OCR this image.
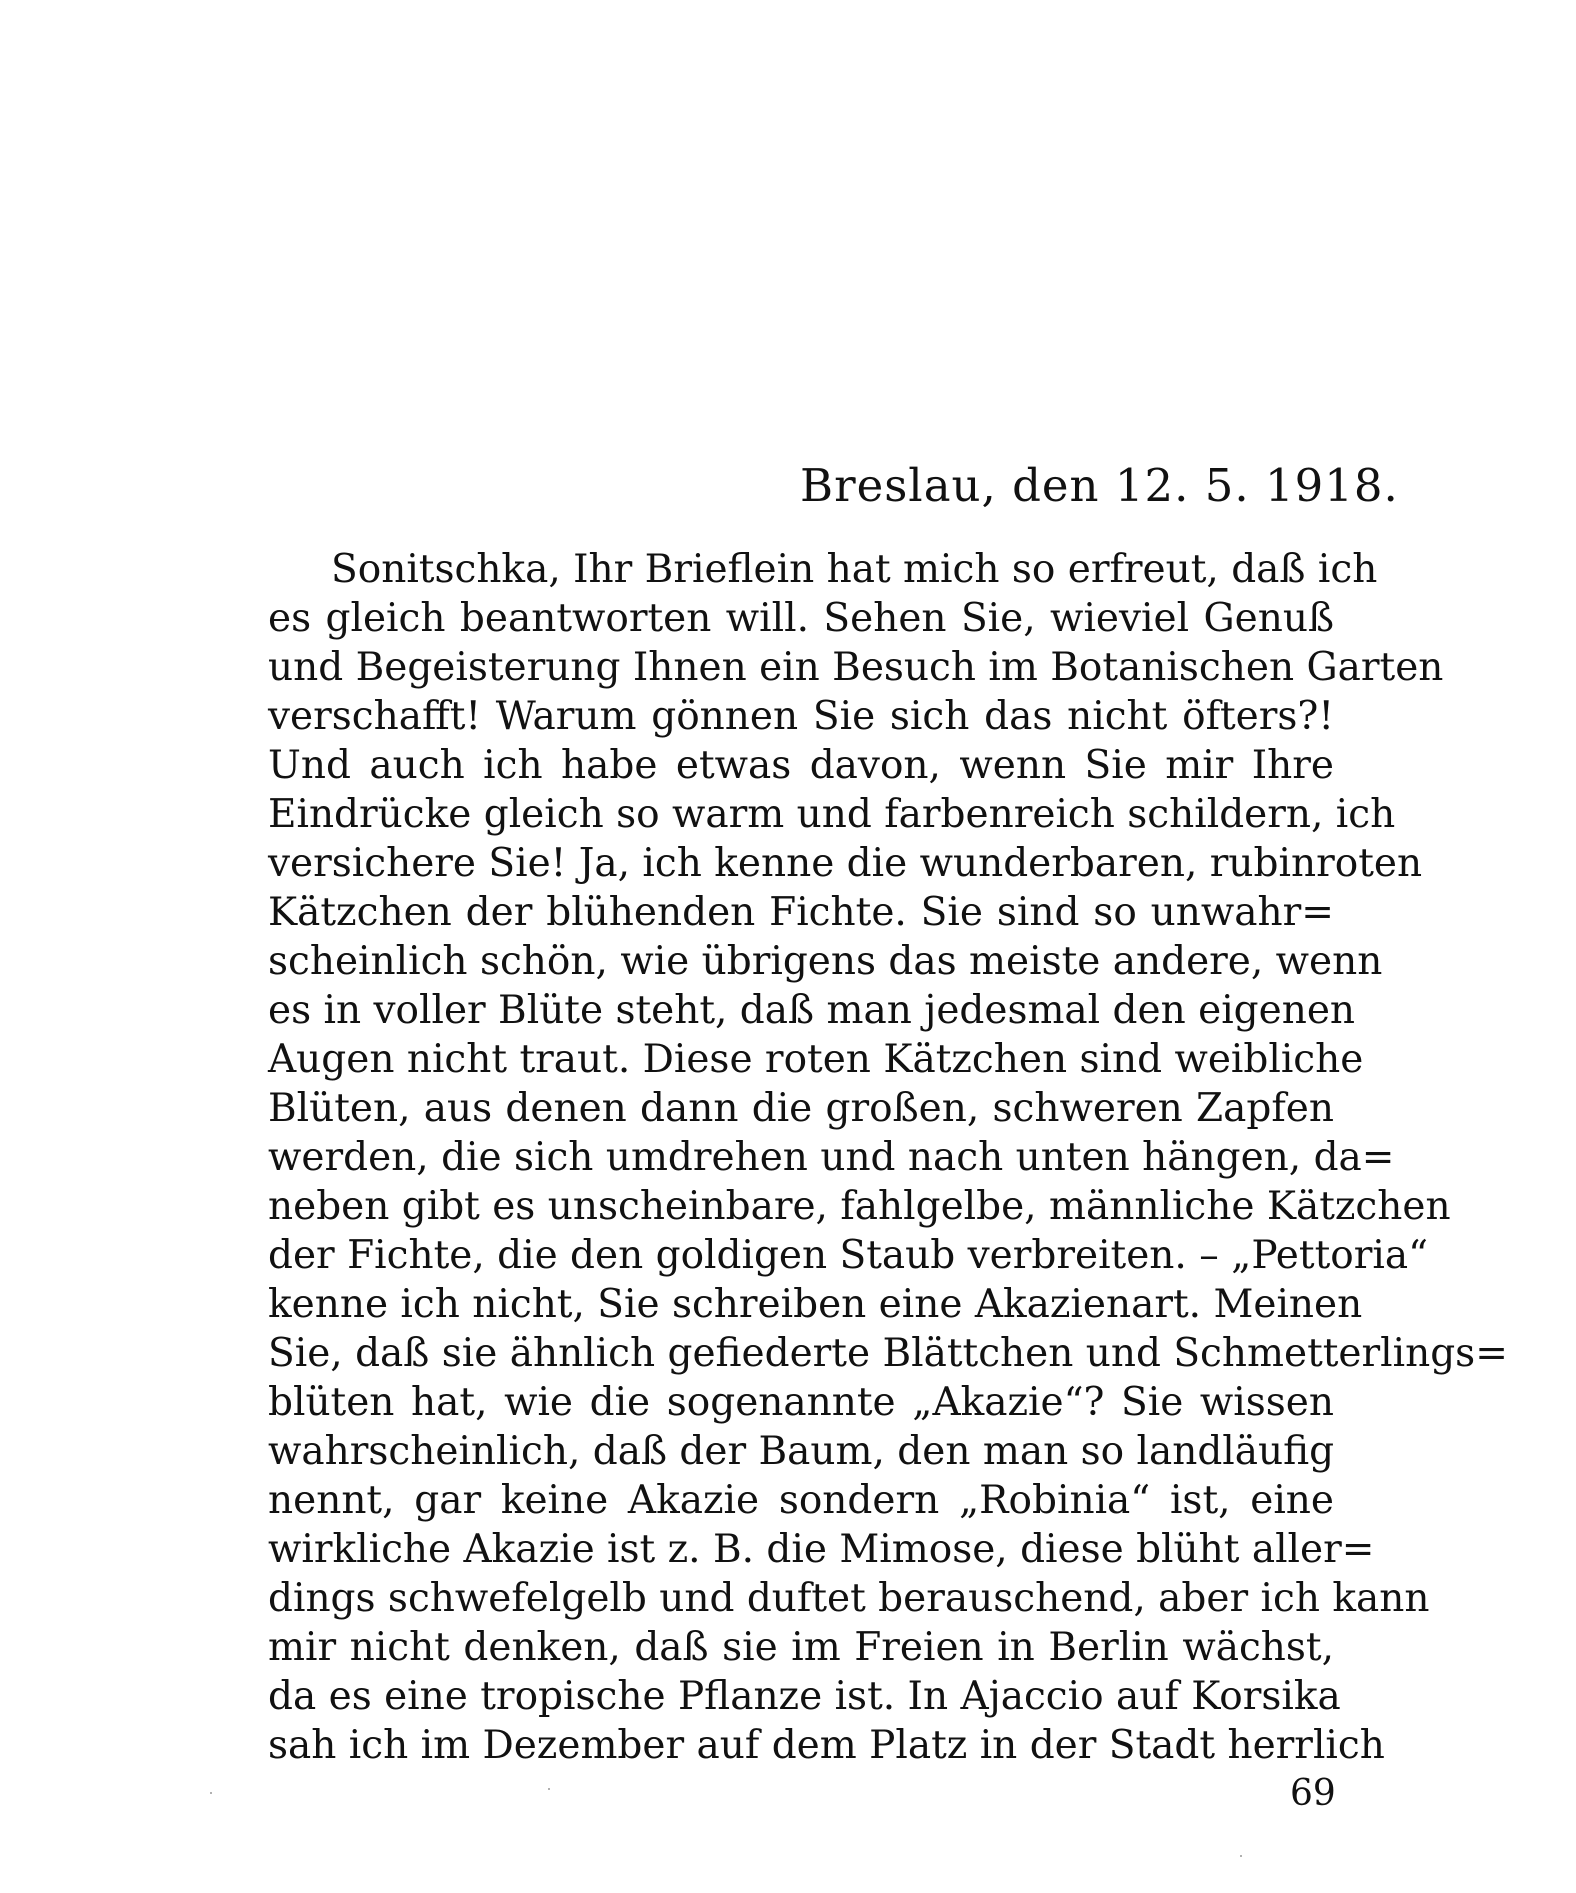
Breslau, den 12. 5. 1918.
Sonitschka, Ihr Brieflein hat mich so erfreut, daß ich
es gleich beantworten will. Sehen Sie, wieviel Genuß
und Begeisterung Ihnen ein Besuch im Botanischen Garten
verschafft! Warum gönnen Sie sich das nicht öfters?!
Und auch ich habe etwas davon, wenn Sie mir Ihre
Eindrücke gleich so warm und farbenreich schildern, ich
versichere Sie! Ja, ich kenne die wunderbaren, rubinroten
Kätzchen der blühenden Fichte. Sie sind so unwahr=
scheinlich schön, wie übrigens das meiste andere, wenn
es in voller Blüte steht, daß man jedesmal den eigenen
Augen nicht traut. Diese roten Kätzchen sind weibliche
Blüten, aus denen dann die großen, schweren Zapfen
werden, die sich umdrehen und nach unten hängen, da=
neben gibt es unscheinbare, fahlgelbe, männliche Kätzchen
der Fichte, die den goldigen Staub verbreiten. – „Pettoria“
kenne ich nicht, Sie schreiben eine Akazienart. Meinen
Sie, daß sie ähnlich gefiederte Blättchen und Schmetterlings=
blüten hat, wie die sogenannte „Akazie“? Sie wissen
wahrscheinlich, daß der Baum, den man so landläufig
nennt, gar keine Akazie sondern „Robinia“ ist, eine
wirkliche Akazie ist z. B. die Mimose, diese blüht aller=
dings schwefelgelb und duftet berauschend, aber ich kann
mir nicht denken, daß sie im Freien in Berlin wächst,
da es eine tropische Pflanze ist. In Ajaccio auf Korsika
sah ich im Dezember auf dem Platz in der Stadt herrlich
69
